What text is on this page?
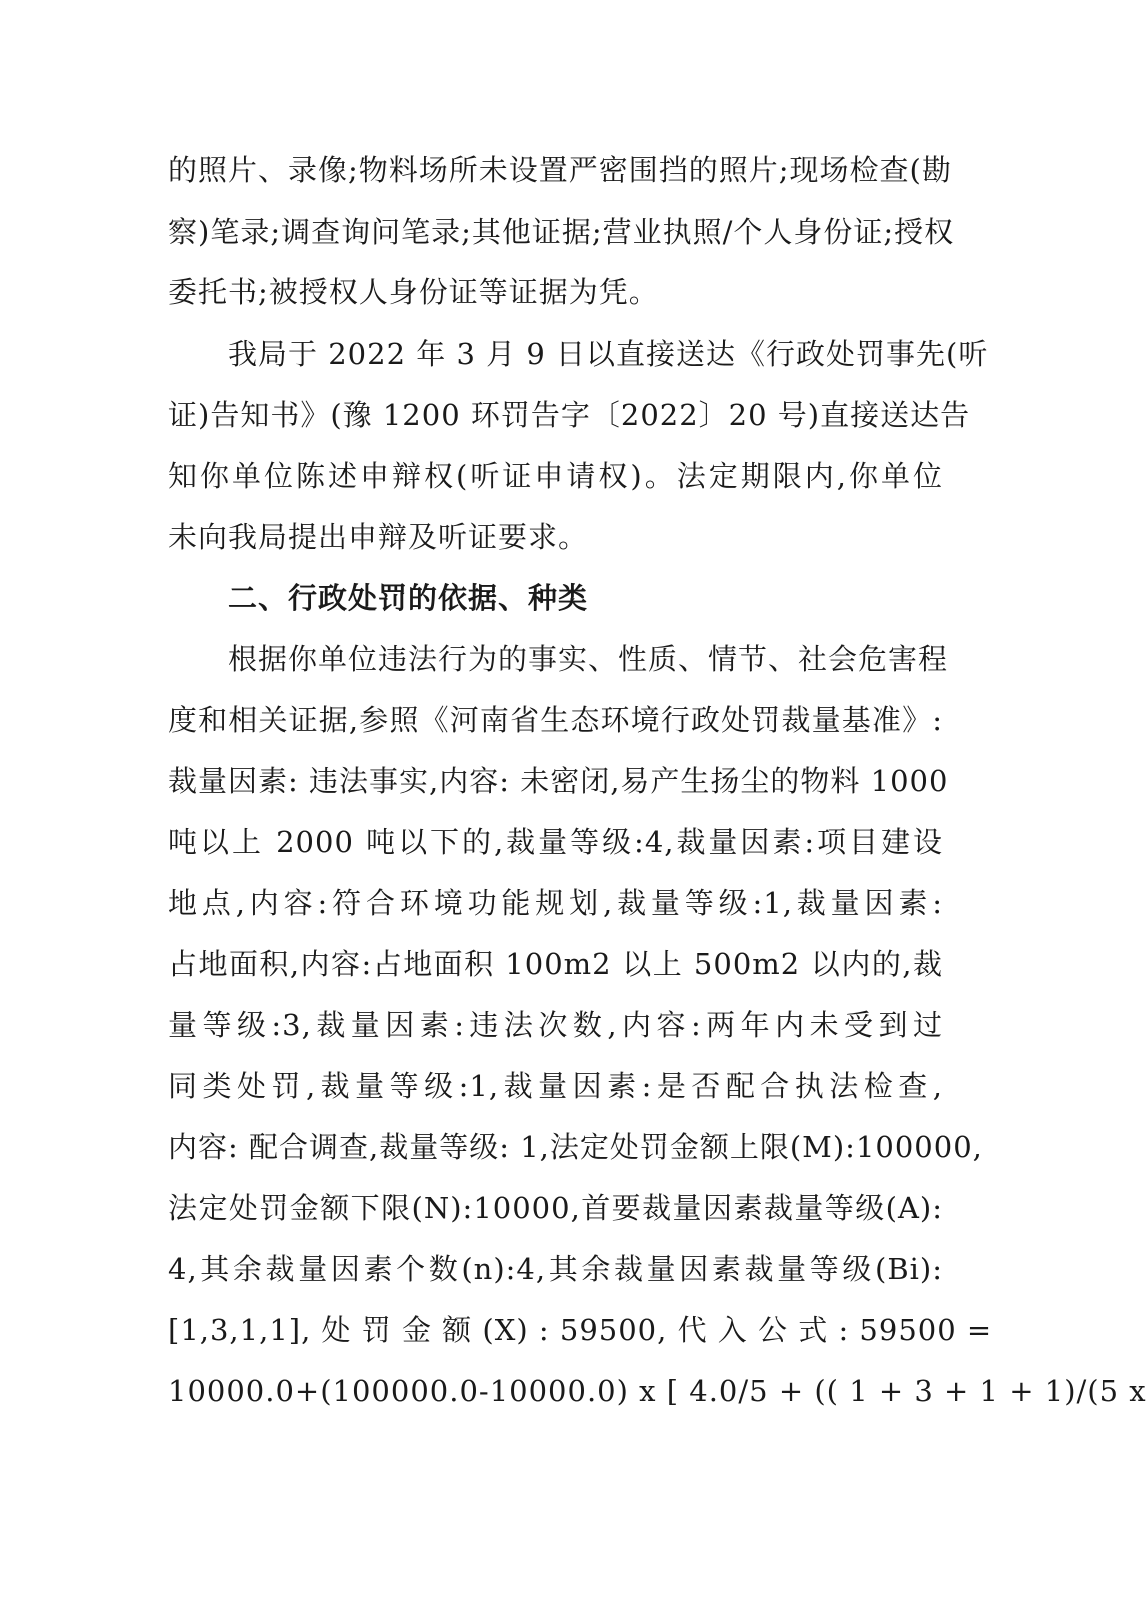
的照片、录像;物料场所未设置严密围挡的照片;现场检查(勘
察)笔录;调查询问笔录;其他证据;营业执照/个人身份证;授权
委托书;被授权人身份证等证据为凭。
我局于 2022 年 3 月 9 日以直接送达《行政处罚事先(听
证)告知书》(豫 1200 环罚告字〔2022〕20 号)直接送达告
知你单位陈述申辩权(听证申请权)。法定期限内,你单位
未向我局提出申辩及听证要求。
二、行政处罚的依据、种类
根据你单位违法行为的事实、性质、情节、社会危害程
度和相关证据,参照《河南省生态环境行政处罚裁量基准》:
裁量因素: 违法事实,内容: 未密闭,易产生扬尘的物料 1000
吨以上 2000 吨以下的,裁量等级:4,裁量因素:项目建设
地点,内容:符合环境功能规划,裁量等级:1,裁量因素:
占地面积,内容:占地面积 100m2 以上 500m2 以内的,裁
量等级:3,裁量因素:违法次数,内容:两年内未受到过
同类处罚,裁量等级:1,裁量因素:是否配合执法检查,
内容: 配合调查,裁量等级: 1,法定处罚金额上限(M):100000,
法定处罚金额下限(N):10000,首要裁量因素裁量等级(A):
4,其余裁量因素个数(n):4,其余裁量因素裁量等级(Bi):
[1,3,1,1], 处 罚 金 额 (X) : 59500, 代 入 公 式 : 59500 =
10000.0+(100000.0-10000.0) x [ 4.0/5 + (( 1 + 3 + 1 + 1)/(5 x
